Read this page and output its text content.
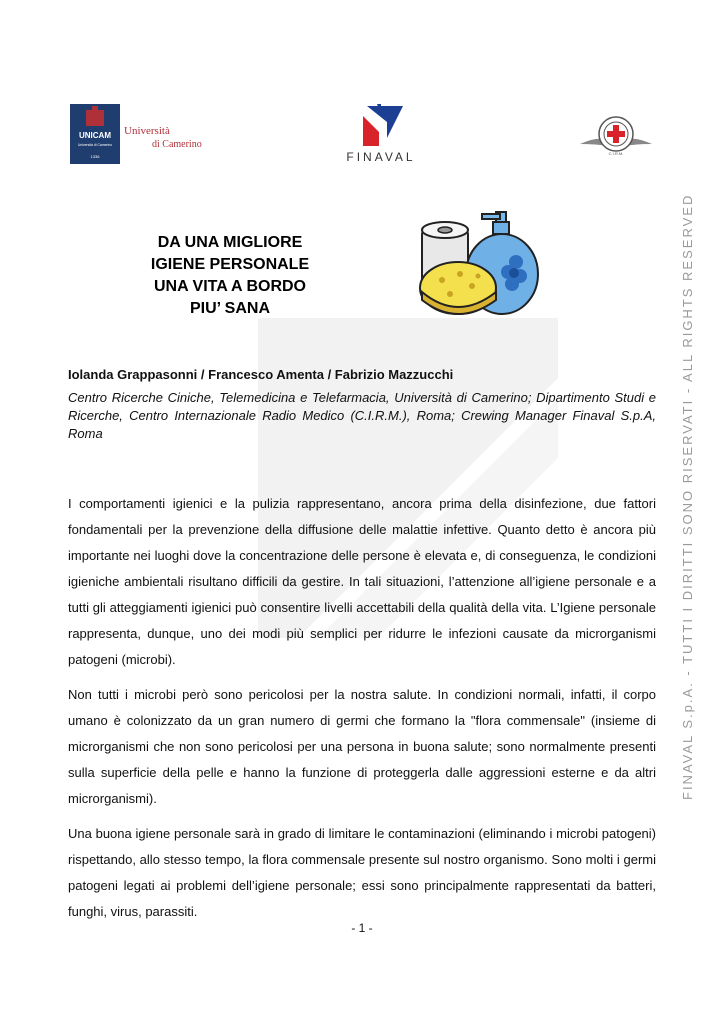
UNICAM
Università di Camerino
1336
Università
di Camerino
FINAVAL	C.I.R.M.
FINAVAL S.p.A. - TUTTI I DIRITTI SONO RISERVATI - ALL RIGHTS RESERVED
DA UNA MIGLIORE
IGIENE PERSONALE
UNA VITA A BORDO
PIU’ SANA
Iolanda Grappasonni / Francesco Amenta / Fabrizio Mazzucchi
Centro Ricerche Ciniche, Telemedicina e Telefarmacia, Università di Camerino; Dipartimento Studi e Ricerche, Centro Internazionale Radio Medico (C.I.R.M.), Roma; Crewing Manager Finaval S.p.A, Roma

I comportamenti igienici e la pulizia rappresentano, ancora prima della disinfezione, due fattori fondamentali per la prevenzione della diffusione delle malattie infettive. Quanto detto è ancora più importante nei luoghi dove la concentrazione delle persone è elevata e, di conseguenza, le condizioni igieniche ambientali risultano difficili da gestire. In tali situazioni, l’attenzione all’igiene personale e a tutti gli atteggiamenti igienici può consentire livelli accettabili della qualità della vita. L’Igiene personale rappresenta, dunque, uno dei modi più semplici per ridurre le infezioni causate da microrganismi patogeni (microbi).

Non tutti i microbi però sono pericolosi per la nostra salute. In condizioni normali, infatti, il corpo umano è colonizzato da un gran numero di germi che formano la "flora commensale" (insieme di microrganismi che non sono pericolosi per una persona in buona salute; sono normalmente presenti sulla superficie della pelle e hanno la funzione di proteggerla dalle aggressioni esterne e da altri microrganismi).

Una buona igiene personale sarà in grado di limitare le contaminazioni (eliminando i microbi patogeni) rispettando, allo stesso tempo, la flora commensale presente sul nostro organismo. Sono molti i germi patogeni legati ai problemi dell’igiene personale; essi sono principalmente rappresentati da batteri, funghi, virus, parassiti.

- 1 -
